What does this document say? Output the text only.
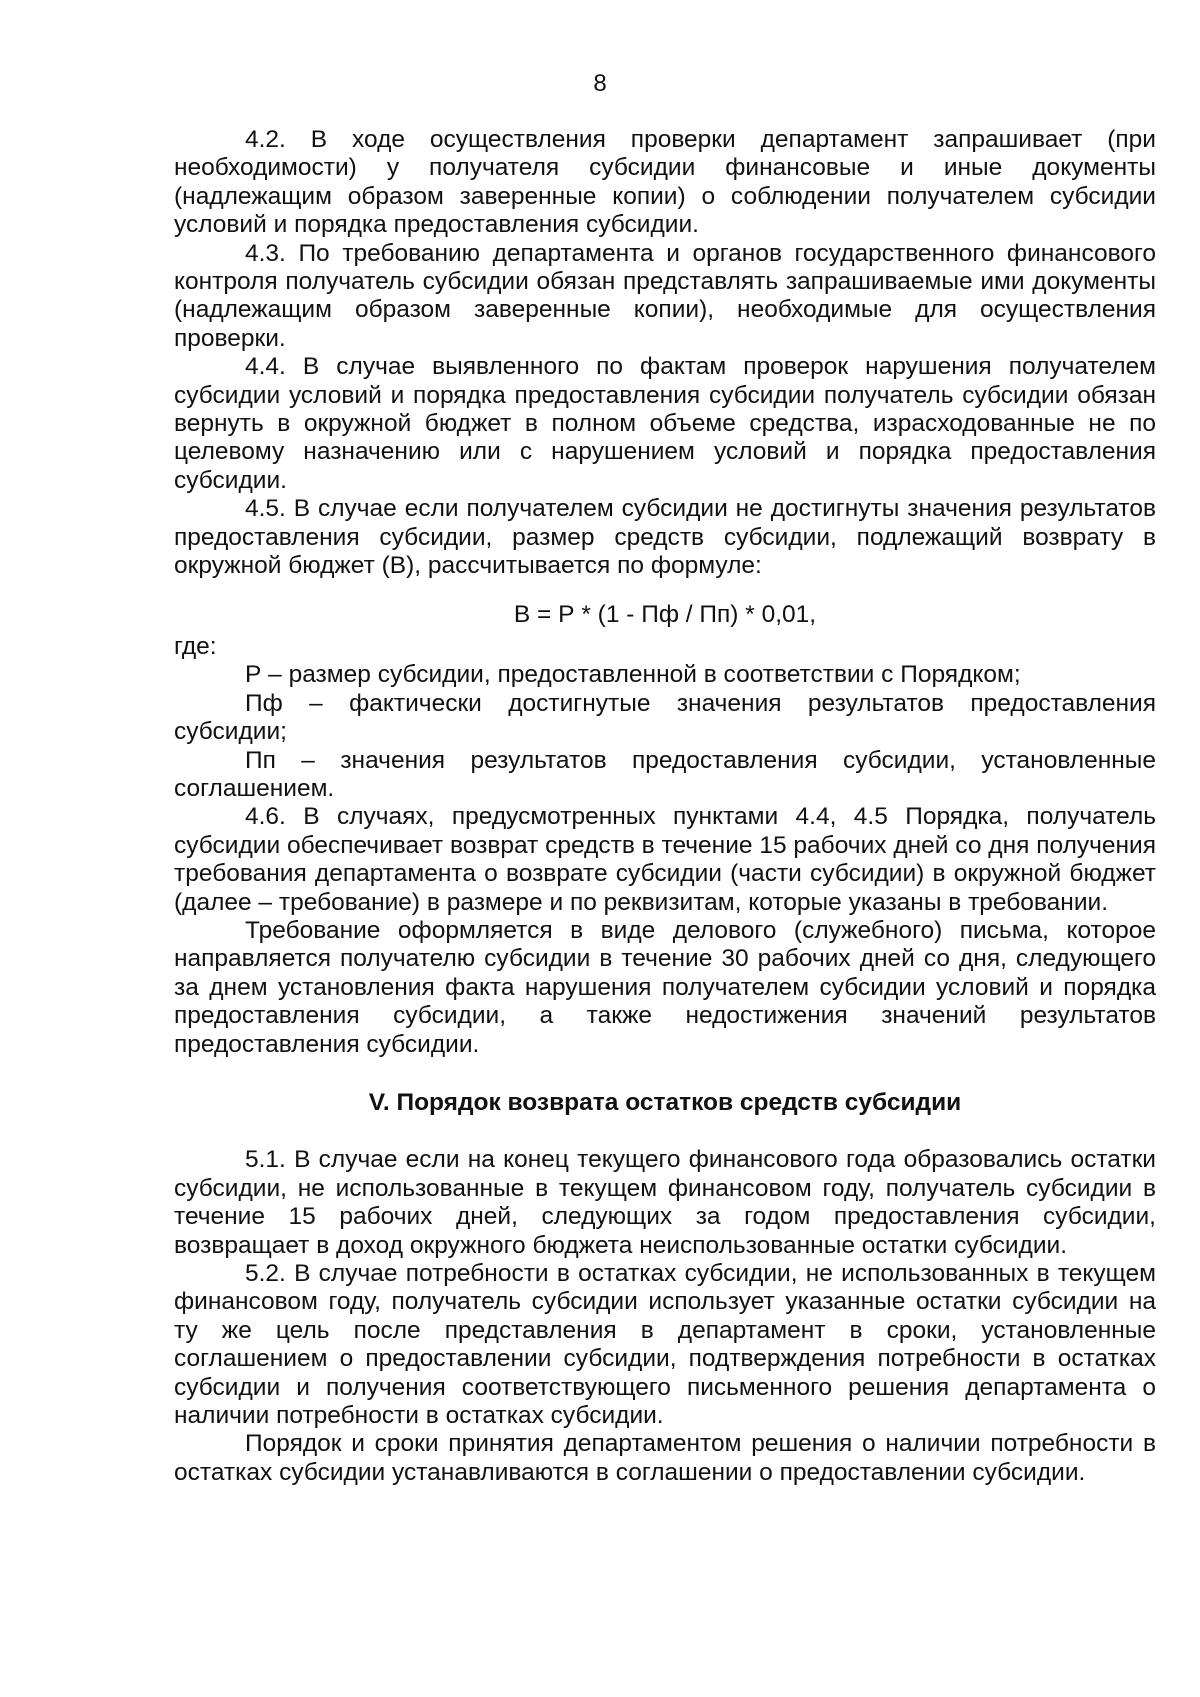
8

4.2. В ходе осуществления проверки департамент запрашивает (при необходимости) у получателя субсидии финансовые и иные документы (надлежащим образом заверенные копии) о соблюдении получателем субсидии условий и порядка предоставления субсидии.

4.3. По требованию департамента и органов государственного финансового контроля получатель субсидии обязан представлять запрашиваемые ими документы (надлежащим образом заверенные копии), необходимые для осуществления проверки.

4.4. В случае выявленного по фактам проверок нарушения получателем субсидии условий и порядка предоставления субсидии получатель субсидии обязан вернуть в окружной бюджет в полном объеме средства, израсходованные не по целевому назначению или с нарушением условий и порядка предоставления субсидии.

4.5. В случае если получателем субсидии не достигнуты значения результатов предоставления субсидии, размер средств субсидии, подлежащий возврату в окружной бюджет (В), рассчитывается по формуле:

В = Р * (1 - Пф / Пп) * 0,01,

где:

Р – размер субсидии, предоставленной в соответствии с Порядком;

Пф – фактически достигнутые значения результатов предоставления субсидии;

Пп – значения результатов предоставления субсидии, установленные соглашением.

4.6. В случаях, предусмотренных пунктами 4.4, 4.5 Порядка, получатель субсидии обеспечивает возврат средств в течение 15 рабочих дней со дня получения требования департамента о возврате субсидии (части субсидии) в окружной бюджет (далее – требование) в размере и по реквизитам, которые указаны в требовании.

Требование оформляется в виде делового (служебного) письма, которое направляется получателю субсидии в течение 30 рабочих дней со дня, следующего за днем установления факта нарушения получателем субсидии условий и порядка предоставления субсидии, а также недостижения значений результатов предоставления субсидии.

V. Порядок возврата остатков средств субсидии

5.1. В случае если на конец текущего финансового года образовались остатки субсидии, не использованные в текущем финансовом году, получатель субсидии в течение 15 рабочих дней, следующих за годом предоставления субсидии, возвращает в доход окружного бюджета неиспользованные остатки субсидии.

5.2. В случае потребности в остатках субсидии, не использованных в текущем финансовом году, получатель субсидии использует указанные остатки субсидии на ту же цель после представления в департамент в сроки, установленные соглашением о предоставлении субсидии, подтверждения потребности в остатках субсидии и получения соответствующего письменного решения департамента о наличии потребности в остатках субсидии.

Порядок и сроки принятия департаментом решения о наличии потребности в остатках субсидии устанавливаются в соглашении о предоставлении субсидии.
